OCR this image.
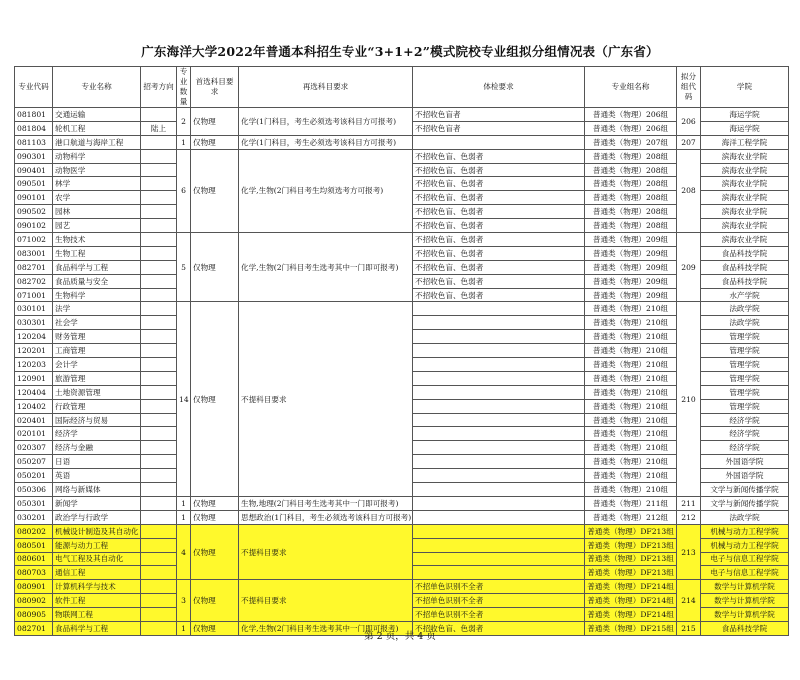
广东海洋大学2022年普通本科招生专业“3+1+2”模式院校专业组拟分组情况表（广东省）
专业代码	专业名称	招考方向	专业数量	首选科目要求	再选科目要求	体检要求	专业组名称	拟分组代码	学院
081801	交通运输		2	仅物理	化学(1门科目，考生必须选考该科目方可报考)	不招收色盲者	普通类（物理）206组	206	海运学院
081804	轮机工程	陆上				不招收色盲者	普通类（物理）206组		海运学院
081103	港口航道与海岸工程		1	仅物理	化学(1门科目，考生必须选考该科目方可报考)		普通类（物理）207组	207	海洋工程学院
090301	动物科学		6	仅物理	化学,生物(2门科目考生均须选考方可报考)	不招收色盲、色弱者	普通类（物理）208组	208	滨海农业学院
090401	动物医学					不招收色盲、色弱者	普通类（物理）208组		滨海农业学院
090501	林学					不招收色盲、色弱者	普通类（物理）208组		滨海农业学院
090101	农学					不招收色盲、色弱者	普通类（物理）208组		滨海农业学院
090502	园林					不招收色盲、色弱者	普通类（物理）208组		滨海农业学院
090102	园艺					不招收色盲、色弱者	普通类（物理）208组		滨海农业学院
071002	生物技术		5	仅物理	化学,生物(2门科目考生选考其中一门即可报考)	不招收色盲、色弱者	普通类（物理）209组	209	滨海农业学院
083001	生物工程					不招收色盲、色弱者	普通类（物理）209组		食品科技学院
082701	食品科学与工程					不招收色盲、色弱者	普通类（物理）209组		食品科技学院
082702	食品质量与安全					不招收色盲、色弱者	普通类（物理）209组		食品科技学院
071001	生物科学					不招收色盲、色弱者	普通类（物理）209组		水产学院
030101	法学		14	仅物理	不提科目要求		普通类（物理）210组	210	法政学院
030301	社会学						普通类（物理）210组		法政学院
120204	财务管理						普通类（物理）210组		管理学院
120201	工商管理						普通类（物理）210组		管理学院
120203	会计学						普通类（物理）210组		管理学院
120901	旅游管理						普通类（物理）210组		管理学院
120404	土地资源管理						普通类（物理）210组		管理学院
120402	行政管理						普通类（物理）210组		管理学院
020401	国际经济与贸易						普通类（物理）210组		经济学院
020101	经济学						普通类（物理）210组		经济学院
020307	经济与金融						普通类（物理）210组		经济学院
050207	日语						普通类（物理）210组		外国语学院
050201	英语						普通类（物理）210组		外国语学院
050306	网络与新媒体						普通类（物理）210组		文学与新闻传播学院
050301	新闻学		1	仅物理	生物,地理(2门科目考生选考其中一门即可报考)		普通类（物理）211组	211	文学与新闻传播学院
030201	政治学与行政学		1	仅物理	思想政治(1门科目，考生必须选考该科目方可报考)		普通类（物理）212组	212	法政学院
080202	机械设计制造及其自动化		4	仅物理	不提科目要求		普通类（物理）DF213组	213	机械与动力工程学院
080501	能源与动力工程						普通类（物理）DF213组		机械与动力工程学院
080601	电气工程及其自动化						普通类（物理）DF213组		电子与信息工程学院
080703	通信工程						普通类（物理）DF213组		电子与信息工程学院
080901	计算机科学与技术		3	仅物理	不提科目要求	不招单色识别不全者	普通类（物理）DF214组	214	数学与计算机学院
080902	软件工程					不招单色识别不全者	普通类（物理）DF214组		数学与计算机学院
080905	物联网工程					不招单色识别不全者	普通类（物理）DF214组		数学与计算机学院
082701	食品科学与工程		1	仅物理	化学,生物(2门科目考生选考其中一门即可报考)	不招收色盲、色弱者	普通类（物理）DF215组	215	食品科技学院
第 2 页，共 4 页
